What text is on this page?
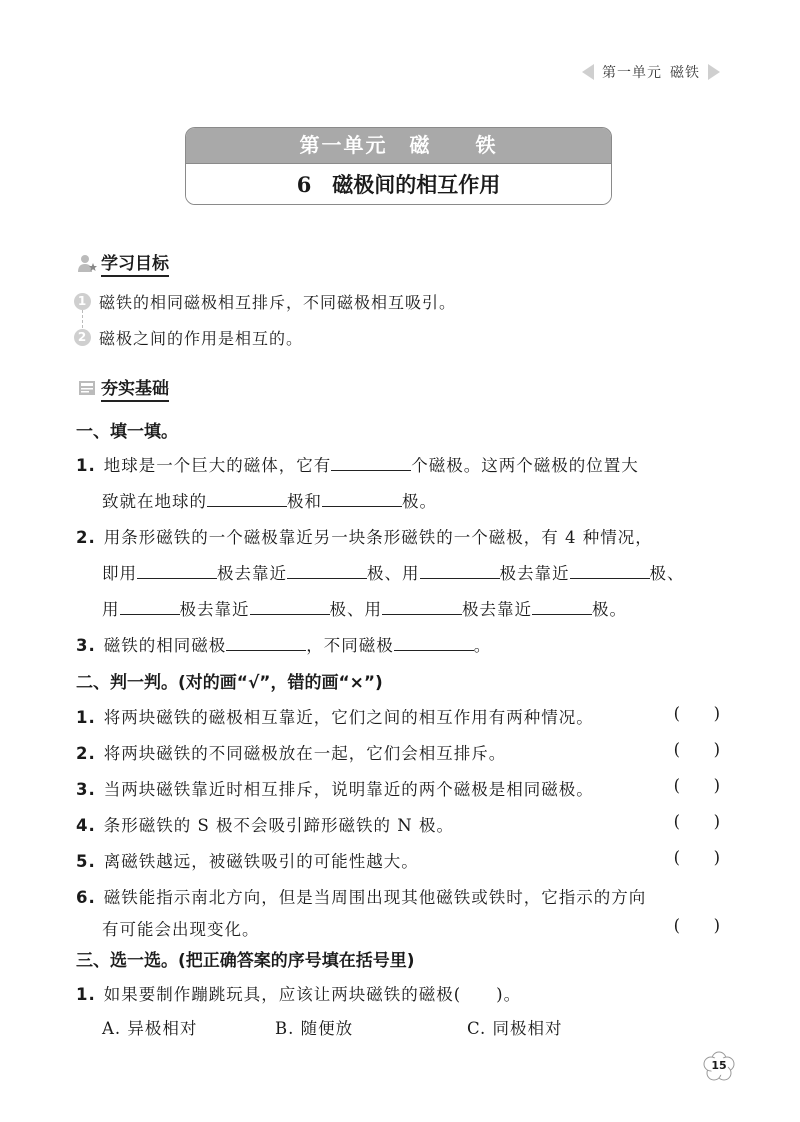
第一单元 磁铁
第一单元　磁　　铁
6　磁极间的相互作用
学习目标
1 磁铁的相同磁极相互排斥，不同磁极相互吸引。
2 磁极之间的作用是相互的。
夯实基础
一、填一填。
1. 地球是一个巨大的磁体，它有	个磁极。这两个磁极的位置大
致就在地球的	极和	极。
2. 用条形磁铁的一个磁极靠近另一块条形磁铁的一个磁极，有 4 种情况，
即用	极去靠近	极、用	极去靠近	极、
用	极去靠近	极、用	极去靠近	极。
3. 磁铁的相同磁极	，不同磁极	。
二、判一判。(对的画“√”，错的画“×”)
1. 将两块磁铁的磁极相互靠近，它们之间的相互作用有两种情况。	( )
2. 将两块磁铁的不同磁极放在一起，它们会相互排斥。	( )
3. 当两块磁铁靠近时相互排斥，说明靠近的两个磁极是相同磁极。	( )
4. 条形磁铁的 S 极不会吸引蹄形磁铁的 N 极。	( )
5. 离磁铁越远，被磁铁吸引的可能性越大。	( )
6. 磁铁能指示南北方向，但是当周围出现其他磁铁或铁时，它指示的方向
有可能会出现变化。	( )
三、选一选。(把正确答案的序号填在括号里)
1. 如果要制作蹦跳玩具，应该让两块磁铁的磁极(　　)。
A. 异极相对	B. 随便放	C. 同极相对
15
